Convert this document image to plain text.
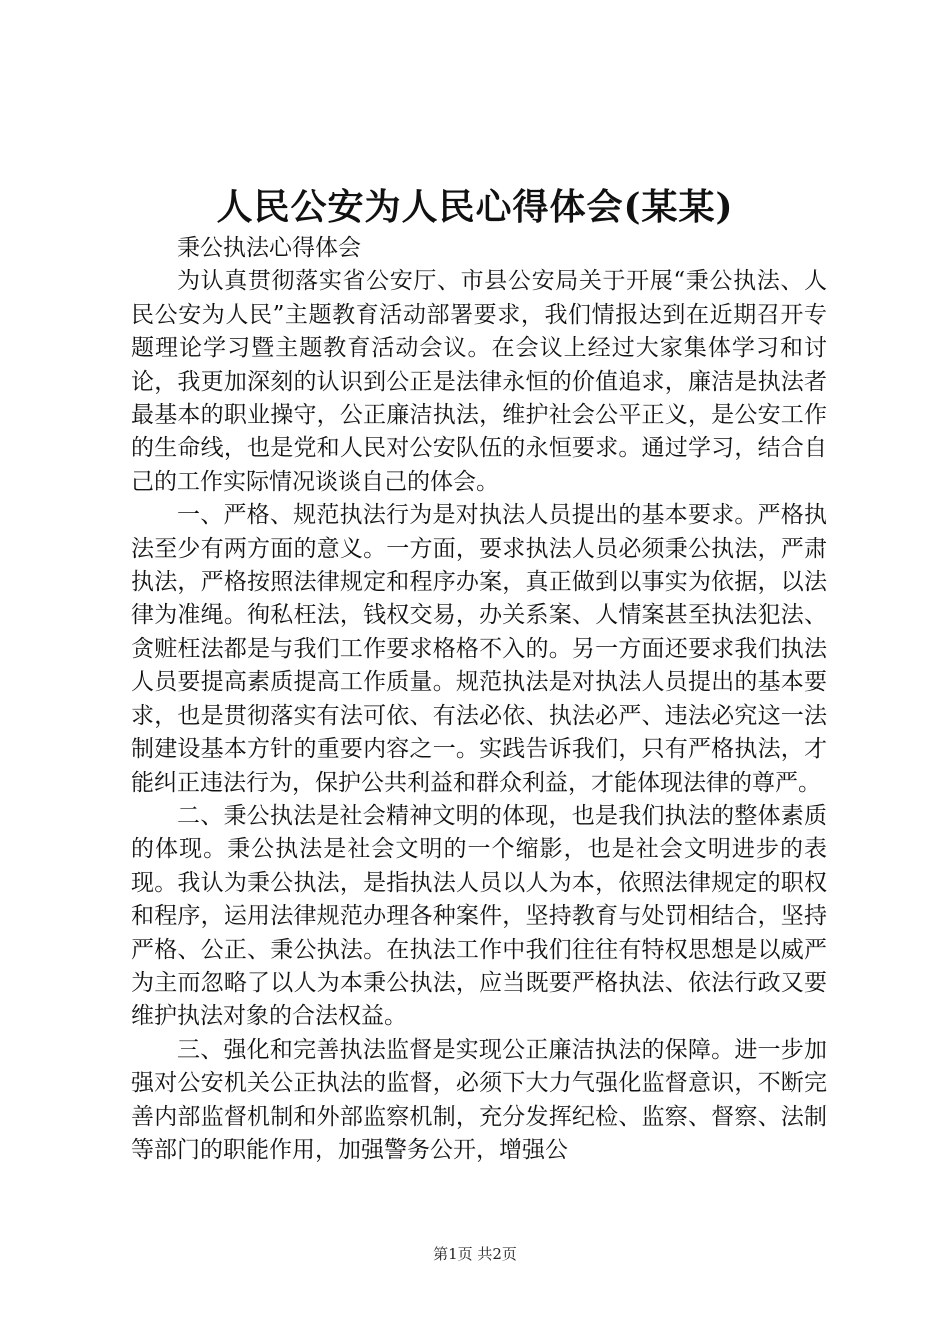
人民公安为人民心得体会(某某)

秉公执法心得体会

为认真贯彻落实省公安厅、市县公安局关于开展“秉公执法、人民公安为人民”主题教育活动部署要求，我们情报达到在近期召开专题理论学习暨主题教育活动会议。在会议上经过大家集体学习和讨论，我更加深刻的认识到公正是法律永恒的价值追求，廉洁是执法者最基本的职业操守，公正廉洁执法，维护社会公平正义，是公安工作的生命线，也是党和人民对公安队伍的永恒要求。通过学习，结合自己的工作实际情况谈谈自己的体会。

一、严格、规范执法行为是对执法人员提出的基本要求。严格执法至少有两方面的意义。一方面，要求执法人员必须秉公执法，严肃执法，严格按照法律规定和程序办案，真正做到以事实为依据，以法律为准绳。徇私枉法，钱权交易，办关系案、人情案甚至执法犯法、贪赃枉法都是与我们工作要求格格不入的。另一方面还要求我们执法人员要提高素质提高工作质量。规范执法是对执法人员提出的基本要求，也是贯彻落实有法可依、有法必依、执法必严、违法必究这一法制建设基本方针的重要内容之一。实践告诉我们，只有严格执法，才能纠正违法行为，保护公共利益和群众利益，才能体现法律的尊严。

二、秉公执法是社会精神文明的体现，也是我们执法的整体素质的体现。秉公执法是社会文明的一个缩影，也是社会文明进步的表现。我认为秉公执法，是指执法人员以人为本，依照法律规定的职权和程序，运用法律规范办理各种案件，坚持教育与处罚相结合，坚持严格、公正、秉公执法。在执法工作中我们往往有特权思想是以威严为主而忽略了以人为本秉公执法，应当既要严格执法、依法行政又要维护执法对象的合法权益。

三、强化和完善执法监督是实现公正廉洁执法的保障。进一步加强对公安机关公正执法的监督，必须下大力气强化监督意识，不断完善内部监督机制和外部监察机制，充分发挥纪检、监察、督察、法制等部门的职能作用，加强警务公开，增强公

第1页 共2页
